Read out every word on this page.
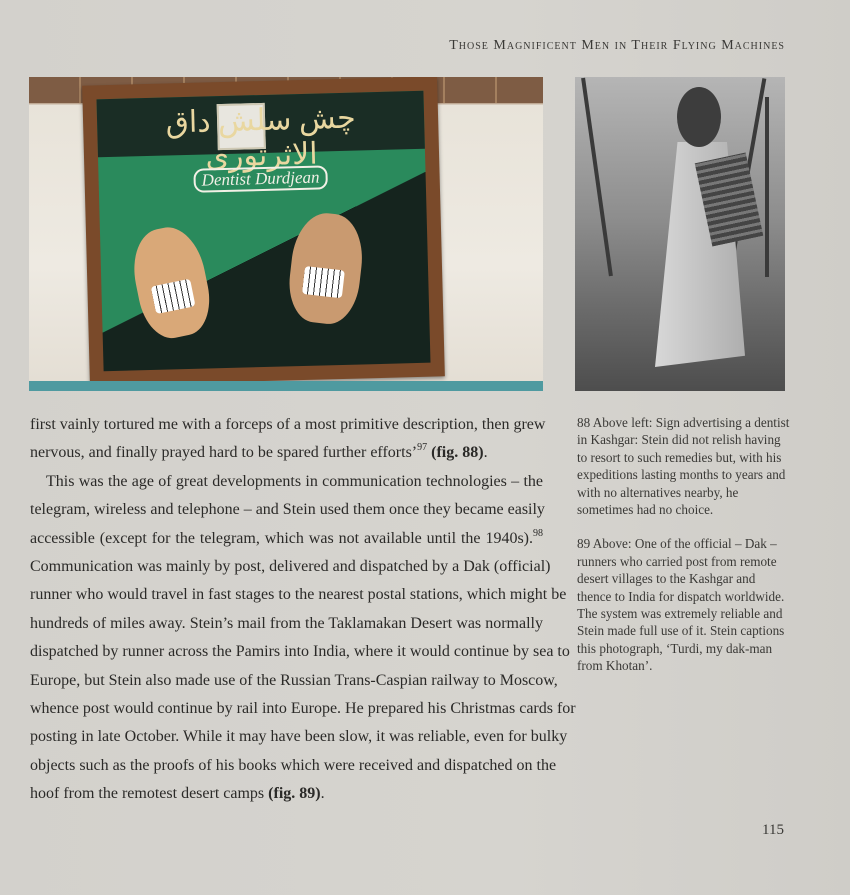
Those Magnificent Men in Their Flying Machines
چش سلش داق الاثرتوری
Dentist Durdjean
first vainly tortured me with a forceps of a most primitive description, then grew
nervous, and finally prayed hard to be spared further efforts’$^{97}$ (fig. 88).
This was the age of great developments in communication technologies – the
telegram, wireless and telephone – and Stein used them once they became easily
accessible (except for the telegram, which was not available until the 1940s).$^{98}$
Communication was mainly by post, delivered and dispatched by a Dak (official)
runner who would travel in fast stages to the nearest postal stations, which might be
hundreds of miles away. Stein’s mail from the Taklamakan Desert was normally
dispatched by runner across the Pamirs into India, where it would continue by sea to
Europe, but Stein also made use of the Russian Trans-Caspian railway to Moscow,
whence post would continue by rail into Europe. He prepared his Christmas cards for
posting in late October. While it may have been slow, it was reliable, even for bulky
objects such as the proofs of his books which were received and dispatched on the
hoof from the remotest desert camps (fig. 89).

88 Above left: Sign advertising a dentist in Kashgar: Stein did not relish having to resort to such remedies but, with his expeditions lasting months to years and with no alternatives nearby, he sometimes had no choice.

89 Above: One of the official – Dak – runners who carried post from remote desert villages to the Kashgar and thence to India for dispatch worldwide. The system was extremely reliable and Stein made full use of it. Stein captions this photograph, ‘Turdi, my dak-man from Khotan’.

115
